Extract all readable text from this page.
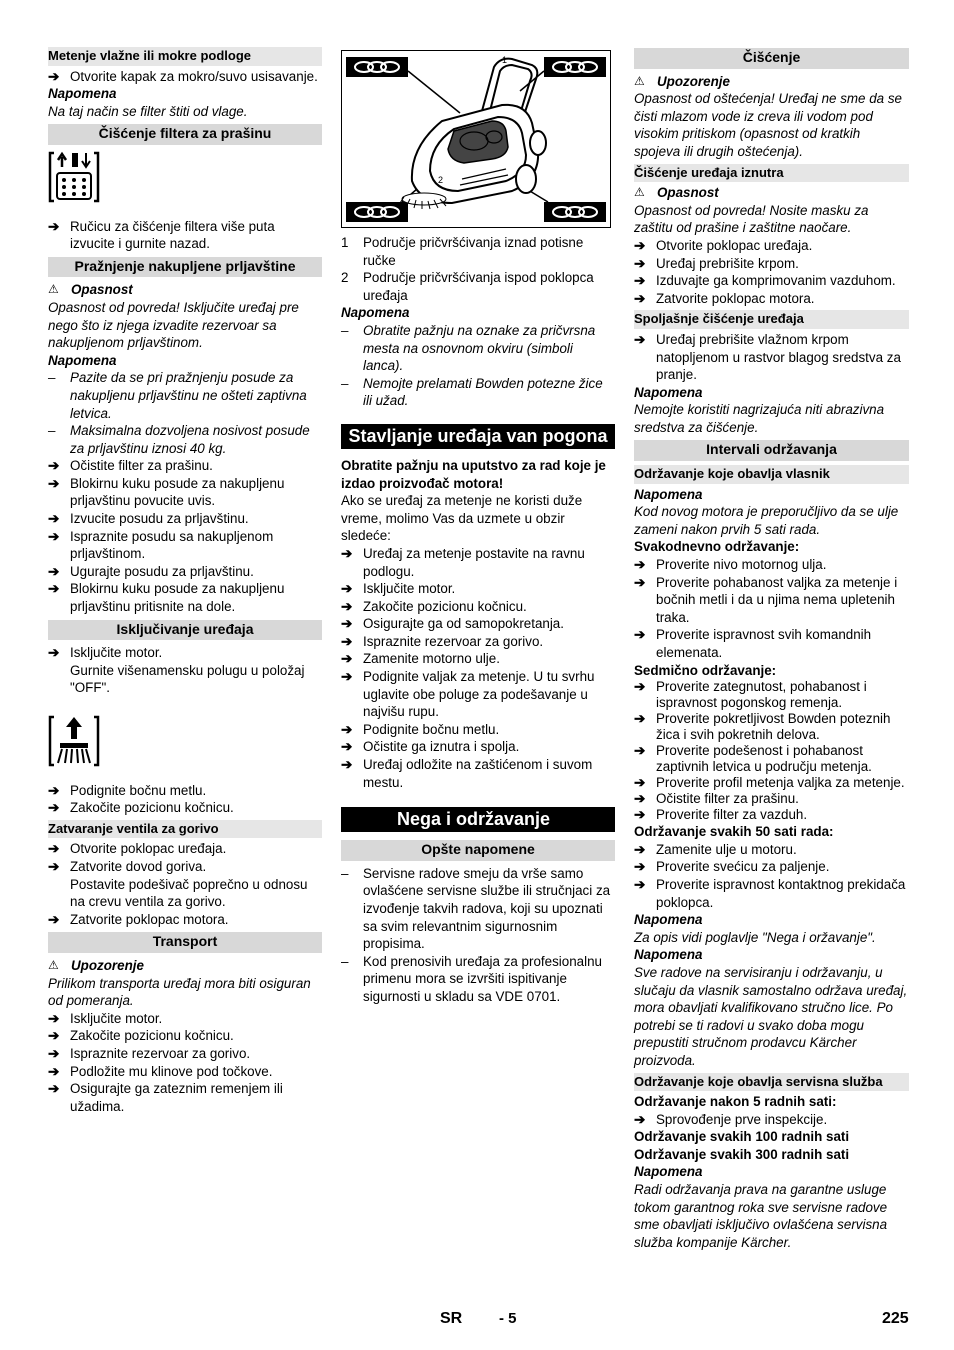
Metenje vlažne ili mokre podloge
➔ Otvorite kapak za mokro/suvo usisavanje.
Napomena
Na taj način se filter štiti od vlage.
Čišćenje filtera za prašinu
➔ Ručicu za čišćenje filtera više puta izvucite i gurnite nazad.
Pražnjenje nakupljene prljavštine
⚠ Opasnost
Opasnost od povreda! Isključite uređaj pre nego što iz njega izvadite rezervoar sa nakupljenom prljavštinom.
Napomena
–	Pazite da se pri pražnjenju posude za nakupljenu prljavštinu ne ošteti zaptivna letvica.
–	Maksimalna dozvoljena nosivost posude za prljavštinu iznosi 40 kg.
➔ Očistite filter za prašinu.
➔ Blokirnu kuku posude za nakupljenu prljavštinu povucite uvis.
➔ Izvucite posudu za prljavštinu.
➔ Ispraznite posudu sa nakupljenom prljavštinom.
➔ Ugurajte posudu za prljavštinu.
➔ Blokirnu kuku posude za nakupljenu prljavštinu pritisnite na dole.
Isključivanje uređaja
➔ Isključite motor.
Gurnite višenamensku polugu u položaj "OFF".
➔ Podignite bočnu metlu.
➔ Zakočite pozicionu kočnicu.
Zatvaranje ventila za gorivo
➔ Otvorite poklopac uređaja.
➔ Zatvorite dovod goriva.
Postavite podešivač poprečno u odnosu na crevu ventila za gorivo.
➔ Zatvorite poklopac motora.
Transport
⚠ Upozorenje
Prilikom transporta uređaj mora biti osiguran od pomeranja.
➔ Isključite motor.
➔ Zakočite pozicionu kočnicu.
➔ Ispraznite rezervoar za gorivo.
➔ Podložite mu klinove pod točkove.
➔ Osigurajte ga zateznim remenjem ili užadima.
1
2
1	Područje pričvršćivanja iznad potisne ručke
2	Područje pričvršćivanja ispod poklopca uređaja
Napomena
–	Obratite pažnju na oznake za pričvrsna mesta na osnovnom okviru (simboli lanca).
–	Nemojte prelamati Bowden potezne žice ili užad.
Stavljanje uređaja van pogona
Obratite pažnju na uputstvo za rad koje je izdao proizvođač motora!
Ako se uređaj za metenje ne koristi duže vreme, molimo Vas da uzmete u obzir sledeće:
➔ Uređaj za metenje postavite na ravnu podlogu.
➔ Isključite motor.
➔ Zakočite pozicionu kočnicu.
➔ Osigurajte ga od samopokretanja.
➔ Ispraznite rezervoar za gorivo.
➔ Zamenite motorno ulje.
➔ Podignite valjak za metenje. U tu svrhu uglavite obe poluge za podešavanje u najvišu rupu.
➔ Podignite bočnu metlu.
➔ Očistite ga iznutra i spolja.
➔ Uređaj odložite na zaštićenom i suvom mestu.
Nega i održavanje
Opšte napomene
–	Servisne radove smeju da vrše samo ovlašćene servisne službe ili stručnjaci za izvođenje takvih radova, koji su upoznati sa svim relevantnim sigurnosnim propisima.
–	Kod prenosivih uređaja za profesionalnu primenu mora se izvršiti ispitivanje sigurnosti u skladu sa VDE 0701.
Čišćenje
⚠ Upozorenje
Opasnost od oštećenja! Uređaj ne sme da se čisti mlazom vode iz creva ili vodom pod visokim pritiskom (opasnost od kratkih spojeva ili drugih oštećenja).
Čišćenje uređaja iznutra
⚠ Opasnost
Opasnost od povreda! Nosite masku za zaštitu od prašine i zaštitne naočare.
➔ Otvorite poklopac uređaja.
➔ Uređaj prebrišite krpom.
➔ Izduvajte ga komprimovanim vazduhom.
➔ Zatvorite poklopac motora.
Spoljašnje čišćenje uređaja
➔ Uređaj prebrišite vlažnom krpom natopljenom u rastvor blagog sredstva za pranje.
Napomena
Nemojte koristiti nagrizajuća niti abrazivna sredstva za čišćenje.
Intervali održavanja
Održavanje koje obavlja vlasnik
Napomena
Kod novog motora je preporučljivo da se ulje zameni nakon prvih 5 sati rada.
Svakodnevno održavanje:
➔ Proverite nivo motornog ulja.
➔ Proverite pohabanost valjka za metenje i bočnih metli i da u njima nema upletenih traka.
➔ Proverite ispravnost svih komandnih elemenata.
Sedmično održavanje:
➔ Proverite zategnutost, pohabanost i ispravnost pogonskog remenja.
➔ Proverite pokretljivost Bowden poteznih žica i svih pokretnih delova.
➔ Proverite podešenost i pohabanost zaptivnih letvica u području metenja.
➔ Proverite profil metenja valjka za metenje.
➔ Očistite filter za prašinu.
➔ Proverite filter za vazduh.
Održavanje svakih 50 sati rada:
➔ Zamenite ulje u motoru.
➔ Proverite svećicu za paljenje.
➔ Proverite ispravnost kontaktnog prekidača poklopca.
Napomena
Za opis vidi poglavlje "Nega i oržavanje".
Napomena
Sve radove na servisiranju i održavanju, u slučaju da vlasnik samostalno održava uređaj, mora obavljati kvalifikovano stručno lice. Po potrebi se ti radovi u svako doba mogu prepustiti stručnom prodavcu Kärcher proizvoda.
Održavanje koje obavlja servisna služba
Održavanje nakon 5 radnih sati:
➔ Sprovođenje prve inspekcije.
Održavanje svakih 100 radnih sati
Održavanje svakih 300 radnih sati
Napomena
Radi održavanja prava na garantne usluge tokom garantnog roka sve servisne radove sme obavljati isključivo ovlašćena servisna služba kompanije Kärcher.
SR - 5	225
